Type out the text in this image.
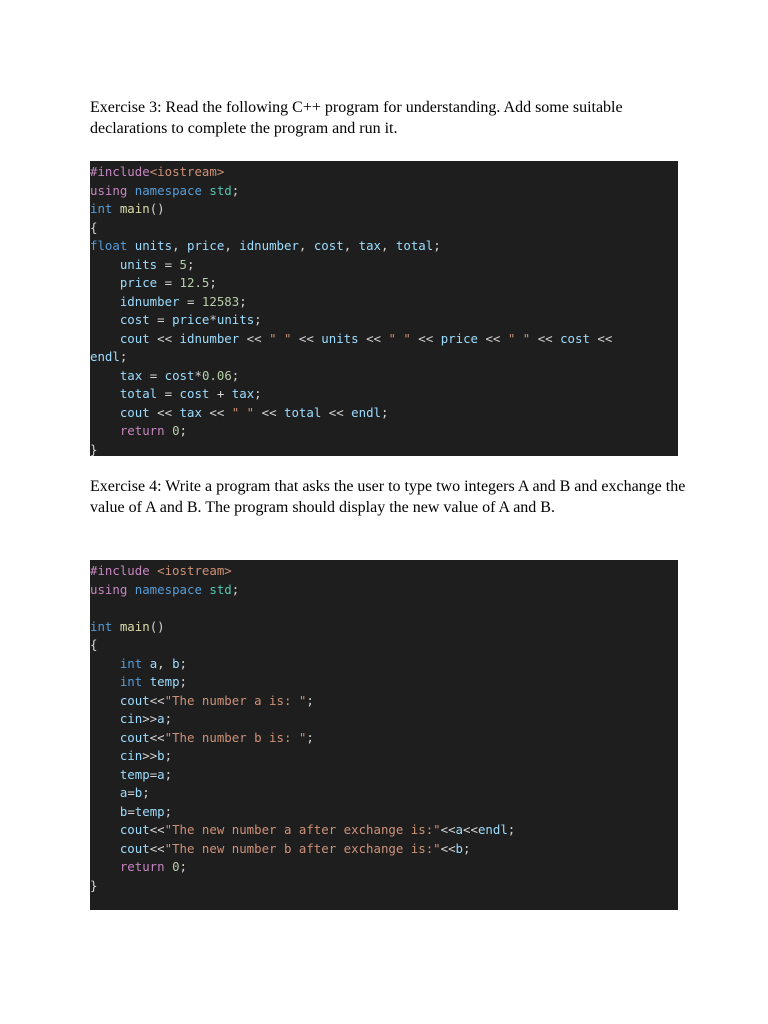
Exercise 3: Read the following C++ program for understanding. Add some suitable declarations to complete the program and run it.

#include<iostream>
using namespace std;
int main()
{
float units, price, idnumber, cost, tax, total;
units = 5;
price = 12.5;
idnumber = 12583;
cost = price*units;
cout << idnumber << " " << units << " " << price << " " << cost <<
endl;
tax = cost*0.06;
total = cost + tax;
cout << tax << " " << total << endl;
return 0;
}

Exercise 4: Write a program that asks the user to type two integers A and B and exchange the value of A and B. The program should display the new value of A and B.

#include <iostream>
using namespace std;
int main()
{
int a, b;
int temp;
cout<<"The number a is: ";
cin>>a;
cout<<"The number b is: ";
cin>>b;
temp=a;
a=b;
b=temp;
cout<<"The new number a after exchange is:"<<a<<endl;
cout<<"The new number b after exchange is:"<<b;
return 0;
}
